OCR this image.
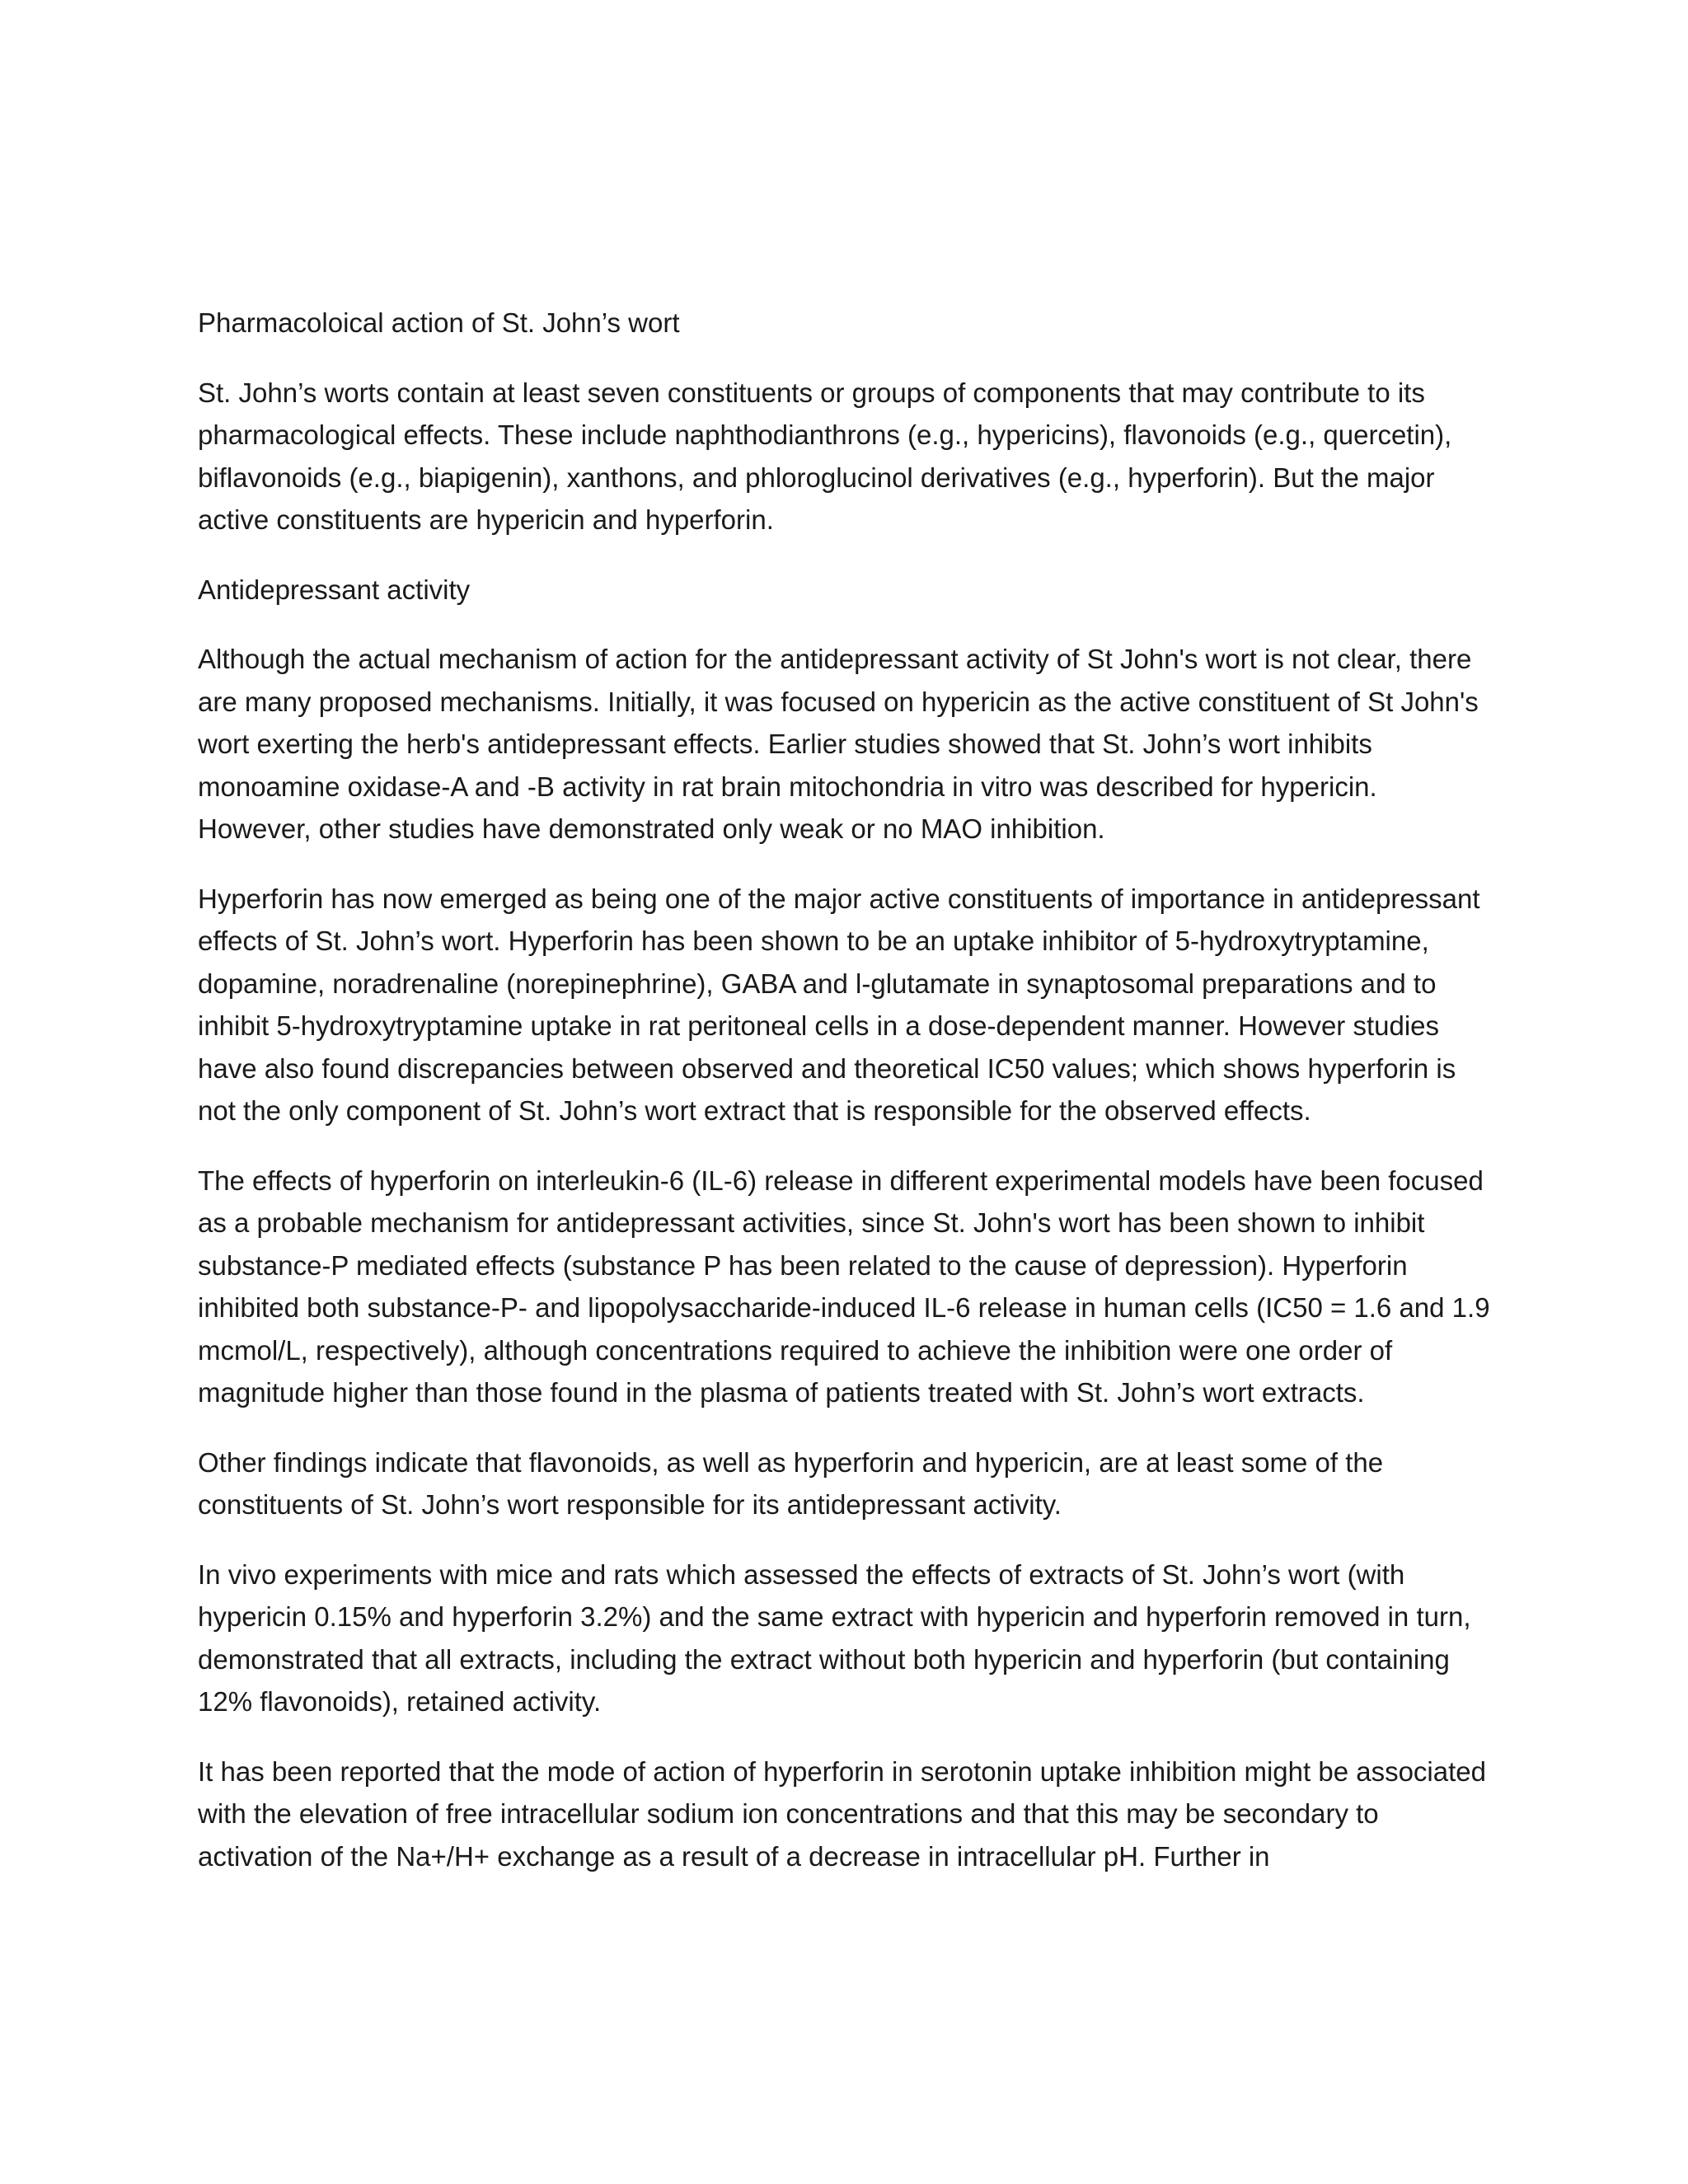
Pharmacoloical action of St. John’s wort

St. John’s worts contain at least seven constituents or groups of components that may contribute to its pharmacological effects. These include naphthodianthrons (e.g., hypericins), flavonoids (e.g., quercetin), biflavonoids (e.g., biapigenin), xanthons, and phloroglucinol derivatives (e.g., hyperforin). But the major active constituents are hypericin and hyperforin.

Antidepressant activity

Although the actual mechanism of action for the antidepressant activity of St John's wort is not clear, there are many proposed mechanisms. Initially, it was focused on hypericin as the active constituent of St John's wort exerting the herb's antidepressant effects. Earlier studies showed that St. John’s wort inhibits monoamine oxidase-A and -B activity in rat brain mitochondria in vitro was described for hypericin. However, other studies have demonstrated only weak or no MAO inhibition.

Hyperforin has now emerged as being one of the major active constituents of importance in antidepressant effects of St. John’s wort. Hyperforin has been shown to be an uptake inhibitor of 5-hydroxytryptamine, dopamine, noradrenaline (norepinephrine), GABA and l-glutamate in synaptosomal preparations and to inhibit 5-hydroxytryptamine uptake in rat peritoneal cells in a dose-dependent manner. However studies have also found discrepancies between observed and theoretical IC50 values; which shows hyperforin is not the only component of St. John’s wort extract that is responsible for the observed effects.

The effects of hyperforin on interleukin-6 (IL-6) release in different experimental models have been focused as a probable mechanism for antidepressant activities, since St. John's wort has been shown to inhibit substance-P mediated effects (substance P has been related to the cause of depression). Hyperforin inhibited both substance-P- and lipopolysaccharide-induced IL-6 release in human cells (IC50 = 1.6 and 1.9 mcmol/L, respectively), although concentrations required to achieve the inhibition were one order of magnitude higher than those found in the plasma of patients treated with St. John’s wort extracts.

Other findings indicate that flavonoids, as well as hyperforin and hypericin, are at least some of the constituents of St. John’s wort responsible for its antidepressant activity.

In vivo experiments with mice and rats which assessed the effects of extracts of St. John’s wort (with hypericin 0.15% and hyperforin 3.2%) and the same extract with hypericin and hyperforin removed in turn, demonstrated that all extracts, including the extract without both hypericin and hyperforin (but containing 12% flavonoids), retained activity.

It has been reported that the mode of action of hyperforin in serotonin uptake inhibition might be associated with the elevation of free intracellular sodium ion concentrations and that this may be secondary to activation of the Na+/H+ exchange as a result of a decrease in intracellular pH. Further in
